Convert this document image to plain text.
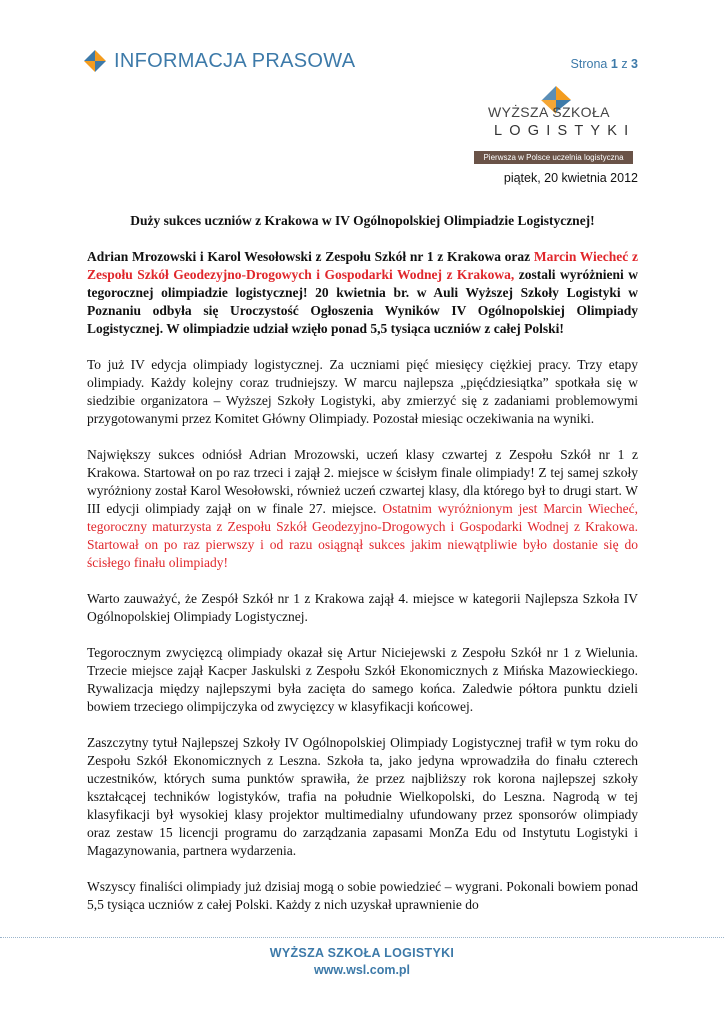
INFORMACJA PRASOWA	Strona 1 z 3
WYŻSZA SZKOŁA
LOGISTYKI
Pierwsza w Polsce uczelnia logistyczna
piątek, 20 kwietnia 2012
Duży sukces uczniów z Krakowa w IV Ogólnopolskiej Olimpiadzie Logistycznej!

Adrian Mrozowski i Karol Wesołowski z Zespołu Szkół nr 1 z Krakowa oraz Marcin Wiecheć z Zespołu Szkół Geodezyjno-Drogowych i Gospodarki Wodnej z Krakowa, zostali wyróżnieni w tegorocznej olimpiadzie logistycznej! 20 kwietnia br. w Auli Wyższej Szkoły Logistyki w Poznaniu odbyła się Uroczystość Ogłoszenia Wyników IV Ogólnopolskiej Olimpiady Logistycznej. W olimpiadzie udział wzięło ponad 5,5 tysiąca uczniów z całej Polski!

To już IV edycja olimpiady logistycznej. Za uczniami pięć miesięcy ciężkiej pracy. Trzy etapy olimpiady. Każdy kolejny coraz trudniejszy. W marcu najlepsza „pięćdziesiątka” spotkała się w siedzibie organizatora – Wyższej Szkoły Logistyki, aby zmierzyć się z zadaniami problemowymi przygotowanymi przez Komitet Główny Olimpiady. Pozostał miesiąc oczekiwania na wyniki.

Największy sukces odniósł Adrian Mrozowski, uczeń klasy czwartej z Zespołu Szkół nr 1 z Krakowa. Startował on po raz trzeci i zajął 2. miejsce w ścisłym finale olimpiady! Z tej samej szkoły wyróżniony został Karol Wesołowski, również uczeń czwartej klasy, dla którego był to drugi start. W III edycji olimpiady zajął on w finale 27. miejsce. Ostatnim wyróżnionym jest Marcin Wiecheć, tegoroczny maturzysta z Zespołu Szkół Geodezyjno-Drogowych i Gospodarki Wodnej z Krakowa. Startował on po raz pierwszy i od razu osiągnął sukces jakim niewątpliwie było dostanie się do ścisłego finału olimpiady!

Warto zauważyć, że Zespół Szkół nr 1 z Krakowa zajął 4. miejsce w kategorii Najlepsza Szkoła IV Ogólnopolskiej Olimpiady Logistycznej.

Tegorocznym zwycięzcą olimpiady okazał się Artur Niciejewski z Zespołu Szkół nr 1 z Wielunia. Trzecie miejsce zajął Kacper Jaskulski z Zespołu Szkół Ekonomicznych z Mińska Mazowieckiego. Rywalizacja między najlepszymi była zacięta do samego końca. Zaledwie półtora punktu dzieli bowiem trzeciego olimpijczyka od zwycięzcy w klasyfikacji końcowej.

Zaszczytny tytuł Najlepszej Szkoły IV Ogólnopolskiej Olimpiady Logistycznej trafił w tym roku do Zespołu Szkół Ekonomicznych z Leszna. Szkoła ta, jako jedyna wprowadziła do finału czterech uczestników, których suma punktów sprawiła, że przez najbliższy rok korona najlepszej szkoły kształcącej techników logistyków, trafia na południe Wielkopolski, do Leszna. Nagrodą w tej klasyfikacji był wysokiej klasy projektor multimedialny ufundowany przez sponsorów olimpiady oraz zestaw 15 licencji programu do zarządzania zapasami MonZa Edu od Instytutu Logistyki i Magazynowania, partnera wydarzenia.

Wszyscy finaliści olimpiady już dzisiaj mogą o sobie powiedzieć – wygrani. Pokonali bowiem ponad 5,5 tysiąca uczniów z całej Polski. Każdy z nich uzyskał uprawnienie do

WYŻSZA SZKOŁA LOGISTYKI
www.wsl.com.pl
